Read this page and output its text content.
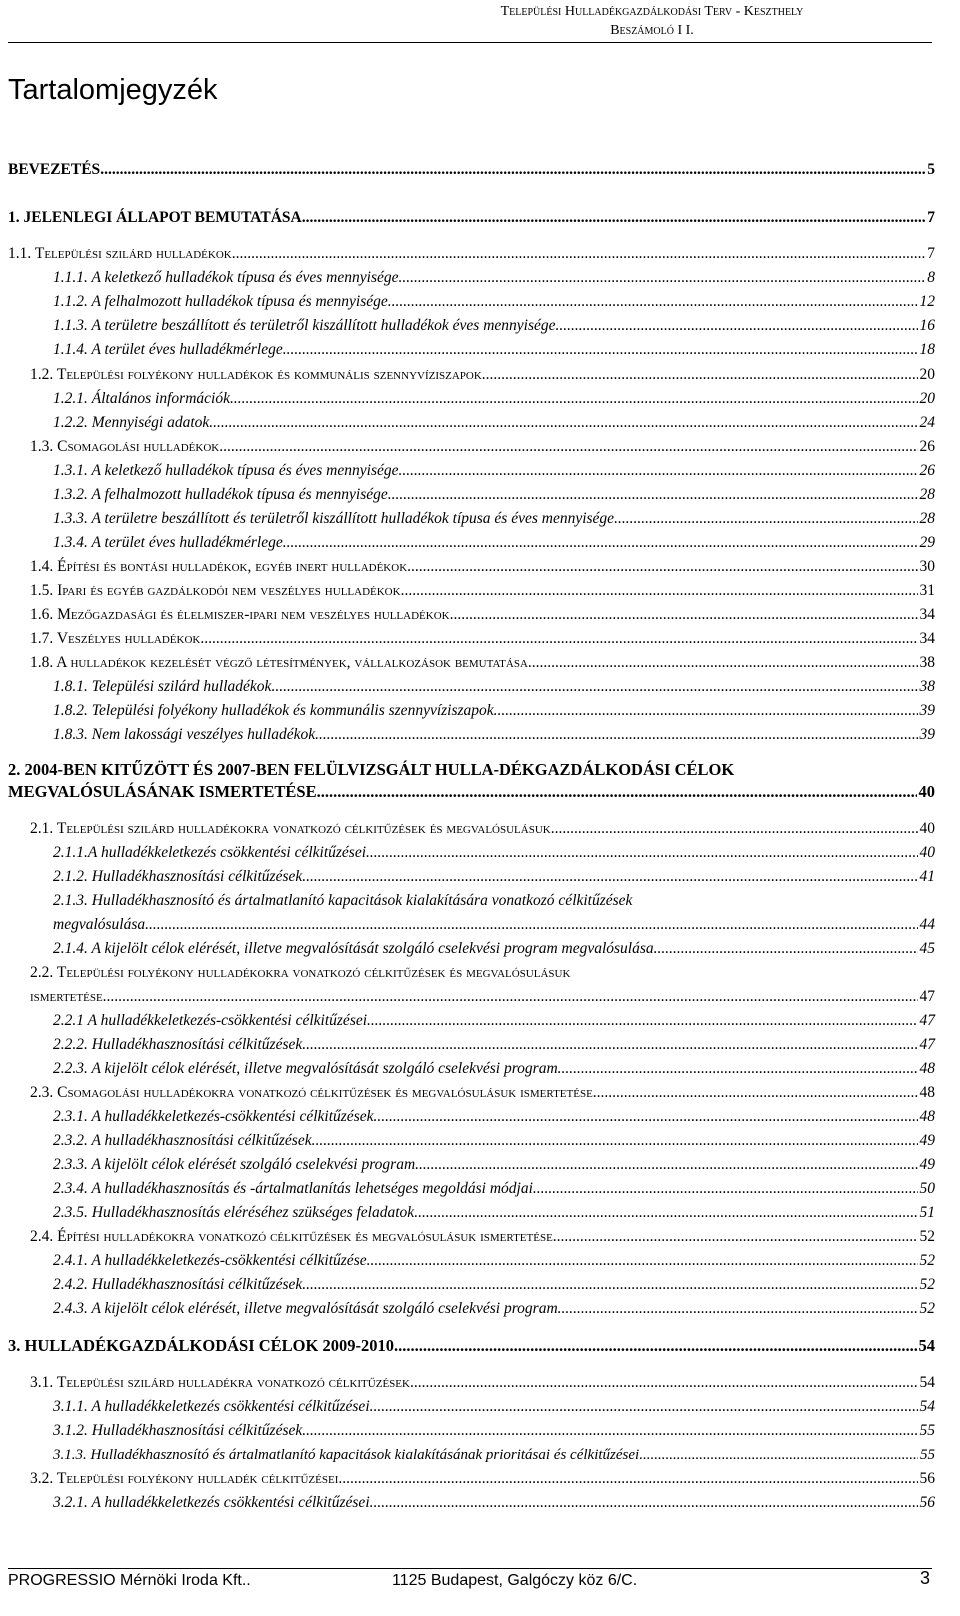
Települési Hulladékgazdálkodási Terv - Keszthely
Beszámoló I I.
Tartalomjegyzék
BEVEZETÉS .....	5
1. JELENLEGI ÁLLAPOT BEMUTATÁSA .....	7
1.1. Települési szilárd hulladékok .....	7
1.1.1. A keletkező hulladékok típusa és éves mennyisége .....	8
1.1.2. A felhalmozott hulladékok típusa és mennyisége .....	12
1.1.3. A területre beszállított és területről kiszállított hulladékok éves mennyisége .....	16
1.1.4. A terület éves hulladékmérlege .....	18
1.2. Települési folyékony hulladékok és kommunális szennyvíziszapok .....	20
1.2.1. Általános információk .....	20
1.2.2. Mennyiségi adatok .....	24
1.3. Csomagolási hulladékok .....	26
1.3.1. A keletkező hulladékok típusa és éves mennyisége .....	26
1.3.2. A felhalmozott hulladékok típusa és mennyisége .....	28
1.3.3. A területre beszállított és területről kiszállított hulladékok típusa és éves mennyisége .....	28
1.3.4. A terület éves hulladékmérlege .....	29
1.4. Építési és bontási hulladékok, egyéb inert hulladékok .....	30
1.5. Ipari és egyéb gazdálkodói nem veszélyes hulladékok .....	31
1.6. Mezőgazdasági és élelmiszer-ipari nem veszélyes hulladékok .....	34
1.7. Veszélyes hulladékok .....	34
1.8. A hulladékok kezelését végző létesítmények, vállalkozások bemutatása .....	38
1.8.1. Települési szilárd hulladékok .....	38
1.8.2. Települési folyékony hulladékok és kommunális szennyvíziszapok .....	39
1.8.3. Nem lakossági veszélyes hulladékok .....	39
2. 2004-BEN KITŰZÖTT ÉS 2007-BEN FELÜLVIZSGÁLT HULLA-DÉKGAZDÁLKODÁSI CÉLOK
MEGVALÓSULÁSÁNAK ISMERTETÉSE .....	40
2.1. Települési szilárd hulladékokra vonatkozó célkitűzések és megvalósulásuk .....	40
2.1.1.A hulladékkeletkezés csökkentési célkitűzései .....	40
2.1.2. Hulladékhasznosítási célkitűzések .....	41
2.1.3. Hulladékhasznosító és ártalmatlanító kapacitások kialakítására vonatkozó célkitűzések
megvalósulása .....	44
2.1.4. A kijelölt célok elérését, illetve megvalósítását szolgáló cselekvési program megvalósulása .....	45
2.2. Települési folyékony hulladékokra vonatkozó célkitűzések és megvalósulásuk
ismertetése .....	47
2.2.1 A hulladékkeletkezés-csökkentési célkitűzései .....	47
2.2.2. Hulladékhasznosítási célkitűzések .....	47
2.2.3. A kijelölt célok elérését, illetve megvalósítását szolgáló cselekvési program .....	48
2.3. Csomagolási hulladékokra vonatkozó célkitűzések és megvalósulásuk ismertetése .....	48
2.3.1. A hulladékkeletkezés-csökkentési célkitűzések .....	48
2.3.2. A hulladékhasznosítási célkitűzések .....	49
2.3.3. A kijelölt célok elérését szolgáló cselekvési program .....	49
2.3.4. A hulladékhasznosítás és -ártalmatlanítás lehetséges megoldási módjai .....	50
2.3.5. Hulladékhasznosítás eléréséhez szükséges feladatok .....	51
2.4. Építési hulladékokra vonatkozó célkitűzések és megvalósulásuk ismertetése .....	52
2.4.1. A hulladékkeletkezés-csökkentési célkitűzése .....	52
2.4.2. Hulladékhasznosítási célkitűzések .....	52
2.4.3. A kijelölt célok elérését, illetve megvalósítását szolgáló cselekvési program .....	52
3. HULLADÉKGAZDÁLKODÁSI CÉLOK 2009-2010 .....	54
3.1. Települési szilárd hulladékra vonatkozó célkitűzések .....	54
3.1.1. A hulladékkeletkezés csökkentési célkitűzései .....	54
3.1.2. Hulladékhasznosítási célkitűzések .....	55
3.1.3. Hulladékhasznosító és ártalmatlanító kapacitások kialakításának prioritásai és célkitűzései .....	55
3.2. Települési folyékony hulladék célkitűzései .....	56
3.2.1. A hulladékkeletkezés csökkentési célkitűzései .....	56
PROGRESSIO Mérnöki Iroda Kft..	1125 Budapest, Galgóczy köz 6/C.	3
